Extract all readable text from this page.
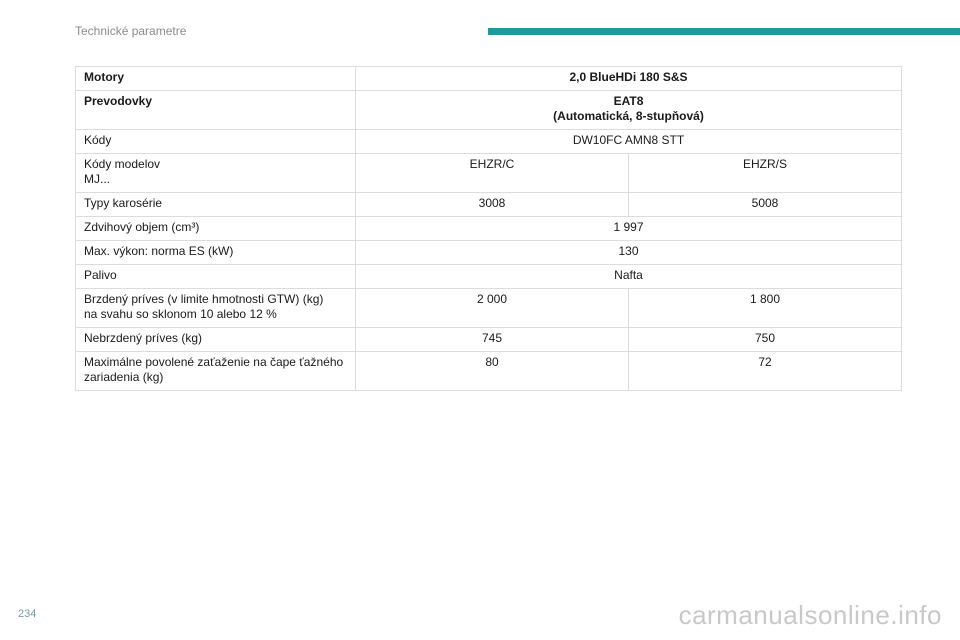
Technické parametre
Motory	2,0 BlueHDi 180 S&S	
Prevodovky	EAT8
(Automatická, 8-stupňová)	

Kódy	DW10FC AMN8 STT	

Kódy modelov
MJ...	EHZR/C	EHZR/S
Typy karosérie	3008	5008
Zdvihový objem (cm³)	1 997	
Max. výkon: norma ES (kW)	130	
Palivo	Nafta	

Brzdený príves (v limite hmotnosti GTW) (kg)
na svahu so sklonom 10 alebo 12 %	2 000	1 800
Nebrzdený príves (kg)	745	750

Maximálne povolené zaťaženie na čape ťažného
zariadenia (kg)	80	72
234	carmanualsonline.info
